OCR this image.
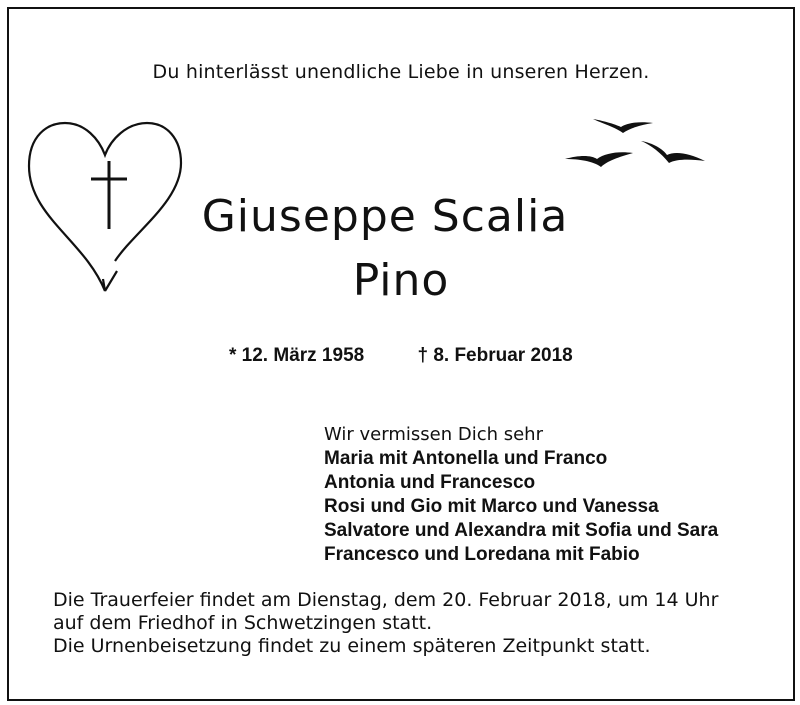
Du hinterlässt unendliche Liebe in unseren Herzen.
Giuseppe Scalia
Pino
* 12. März 1958	† 8. Februar 2018
Wir vermissen Dich sehr
Maria mit Antonella und Franco
Antonia und Francesco
Rosi und Gio mit Marco und Vanessa
Salvatore und Alexandra mit Sofia und Sara
Francesco und Loredana mit Fabio
Die Trauerfeier findet am Dienstag, dem 20. Februar 2018, um 14 Uhr
auf dem Friedhof in Schwetzingen statt.
Die Urnenbeisetzung findet zu einem späteren Zeitpunkt statt.
